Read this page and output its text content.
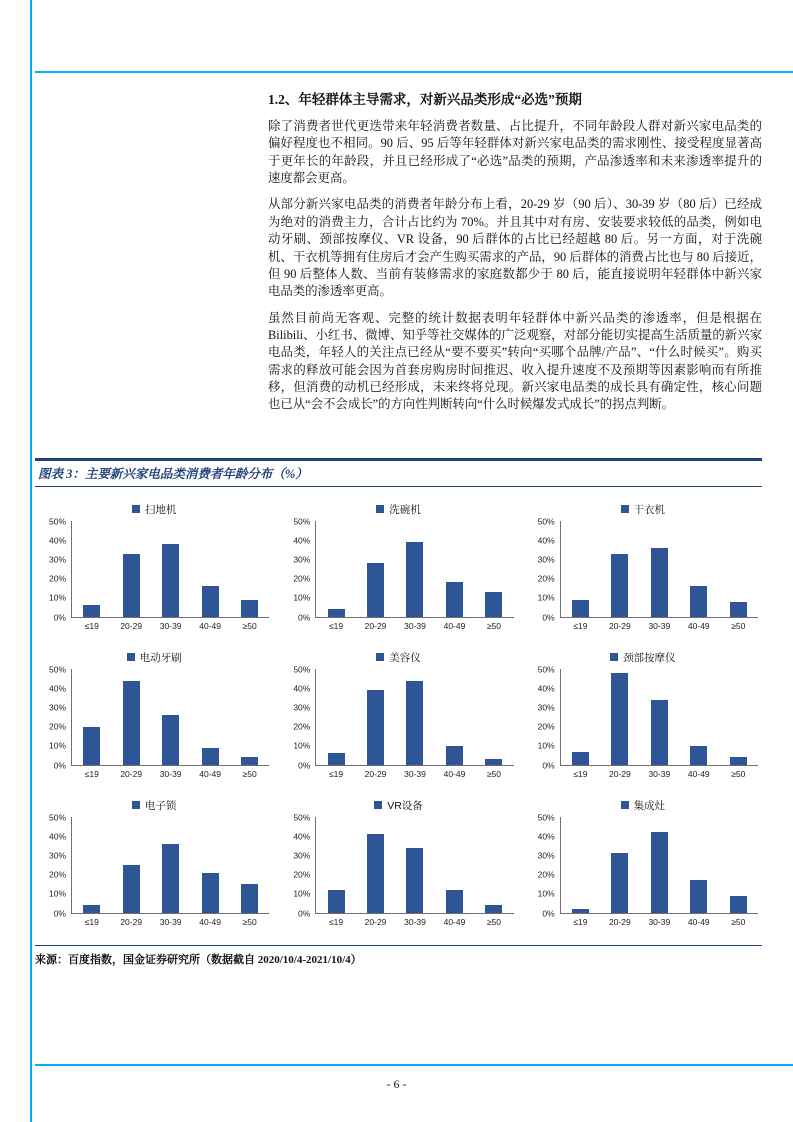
1.2、年轻群体主导需求，对新兴品类形成“必选”预期

除了消费者世代更迭带来年轻消费者数量、占比提升，不同年龄段人群对新兴家电品类的偏好程度也不相同。90 后、95 后等年轻群体对新兴家电品类的需求刚性、接受程度显著高于更年长的年龄段，并且已经形成了“必选”品类的预期，产品渗透率和未来渗透率提升的速度都会更高。

从部分新兴家电品类的消费者年龄分布上看，20-29 岁（90 后）、30-39 岁（80 后）已经成为绝对的消费主力，合计占比约为 70%。并且其中对有房、安装要求较低的品类，例如电动牙刷、颈部按摩仪、VR 设备，90 后群体的占比已经超越 80 后。另一方面，对于洗碗机、干衣机等拥有住房后才会产生购买需求的产品，90 后群体的消费占比也与 80 后接近，但 90 后整体人数、当前有装修需求的家庭数都少于 80 后，能直接说明年轻群体中新兴家电品类的渗透率更高。

虽然目前尚无客观、完整的统计数据表明年轻群体中新兴品类的渗透率，但是根据在 Bilibili、小红书、微博、知乎等社交媒体的广泛观察，对部分能切实提高生活质量的新兴家电品类，年轻人的关注点已经从“要不要买”转向“买哪个品牌/产品”、“什么时候买”。购买需求的释放可能会因为首套房购房时间推迟、收入提升速度不及预期等因素影响而有所推移，但消费的动机已经形成，未来终将兑现。新兴家电品类的成长具有确定性，核心问题也已从“会不会成长”的方向性判断转向“什么时候爆发式成长”的拐点判断。

图表 3：主要新兴家电品类消费者年龄分布（%）
扫地机
0%
10%
20%
30%
40%
50%
≤19	20-29	30-39	40-49	≥50
洗碗机
0%
10%
20%
30%
40%
50%
≤19	20-29	30-39	40-49	≥50
干衣机
0%
10%
20%
30%
40%
50%
≤19	20-29	30-39	40-49	≥50
电动牙刷
0%
10%
20%
30%
40%
50%
≤19	20-29	30-39	40-49	≥50
美容仪
0%
10%
20%
30%
40%
50%
≤19	20-29	30-39	40-49	≥50
颈部按摩仪
0%
10%
20%
30%
40%
50%
≤19	20-29	30-39	40-49	≥50
电子锁
0%
10%
20%
30%
40%
50%
≤19	20-29	30-39	40-49	≥50
VR设备
0%
10%
20%
30%
40%
50%
≤19	20-29	30-39	40-49	≥50
集成灶
0%
10%
20%
30%
40%
50%
≤19	20-29	30-39	40-49	≥50
来源：百度指数，国金证券研究所（数据截自 2020/10/4-2021/10/4）
- 6 -
